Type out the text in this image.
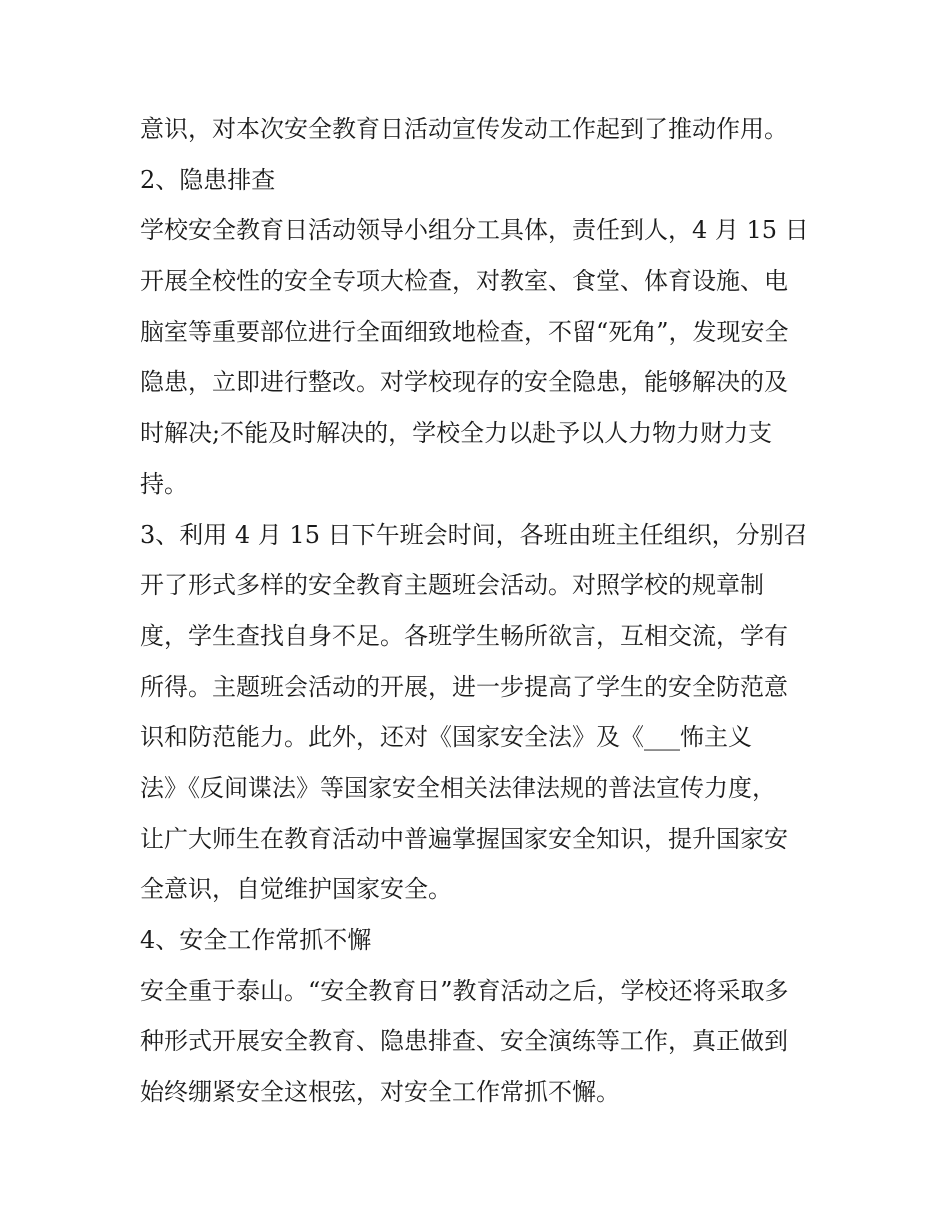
意识，对本次安全教育日活动宣传发动工作起到了推动作用。

2、隐患排查

学校安全教育日活动领导小组分工具体，责任到人，4 月 15 日

开展全校性的安全专项大检查，对教室、食堂、体育设施、电

脑室等重要部位进行全面细致地检查，不留“死角”，发现安全

隐患，立即进行整改。对学校现存的安全隐患，能够解决的及

时解决;不能及时解决的，学校全力以赴予以人力物力财力支

持。

3、利用 4 月 15 日下午班会时间，各班由班主任组织，分别召

开了形式多样的安全教育主题班会活动。对照学校的规章制

度，学生查找自身不足。各班学生畅所欲言，互相交流，学有

所得。主题班会活动的开展，进一步提高了学生的安全防范意

识和防范能力。此外，还对《国家安全法》及《___怖主义

法》《反间谍法》等国家安全相关法律法规的普法宣传力度，

让广大师生在教育活动中普遍掌握国家安全知识，提升国家安

全意识，自觉维护国家安全。

4、安全工作常抓不懈

安全重于泰山。“安全教育日”教育活动之后，学校还将采取多

种形式开展安全教育、隐患排查、安全演练等工作，真正做到

始终绷紧安全这根弦，对安全工作常抓不懈。
